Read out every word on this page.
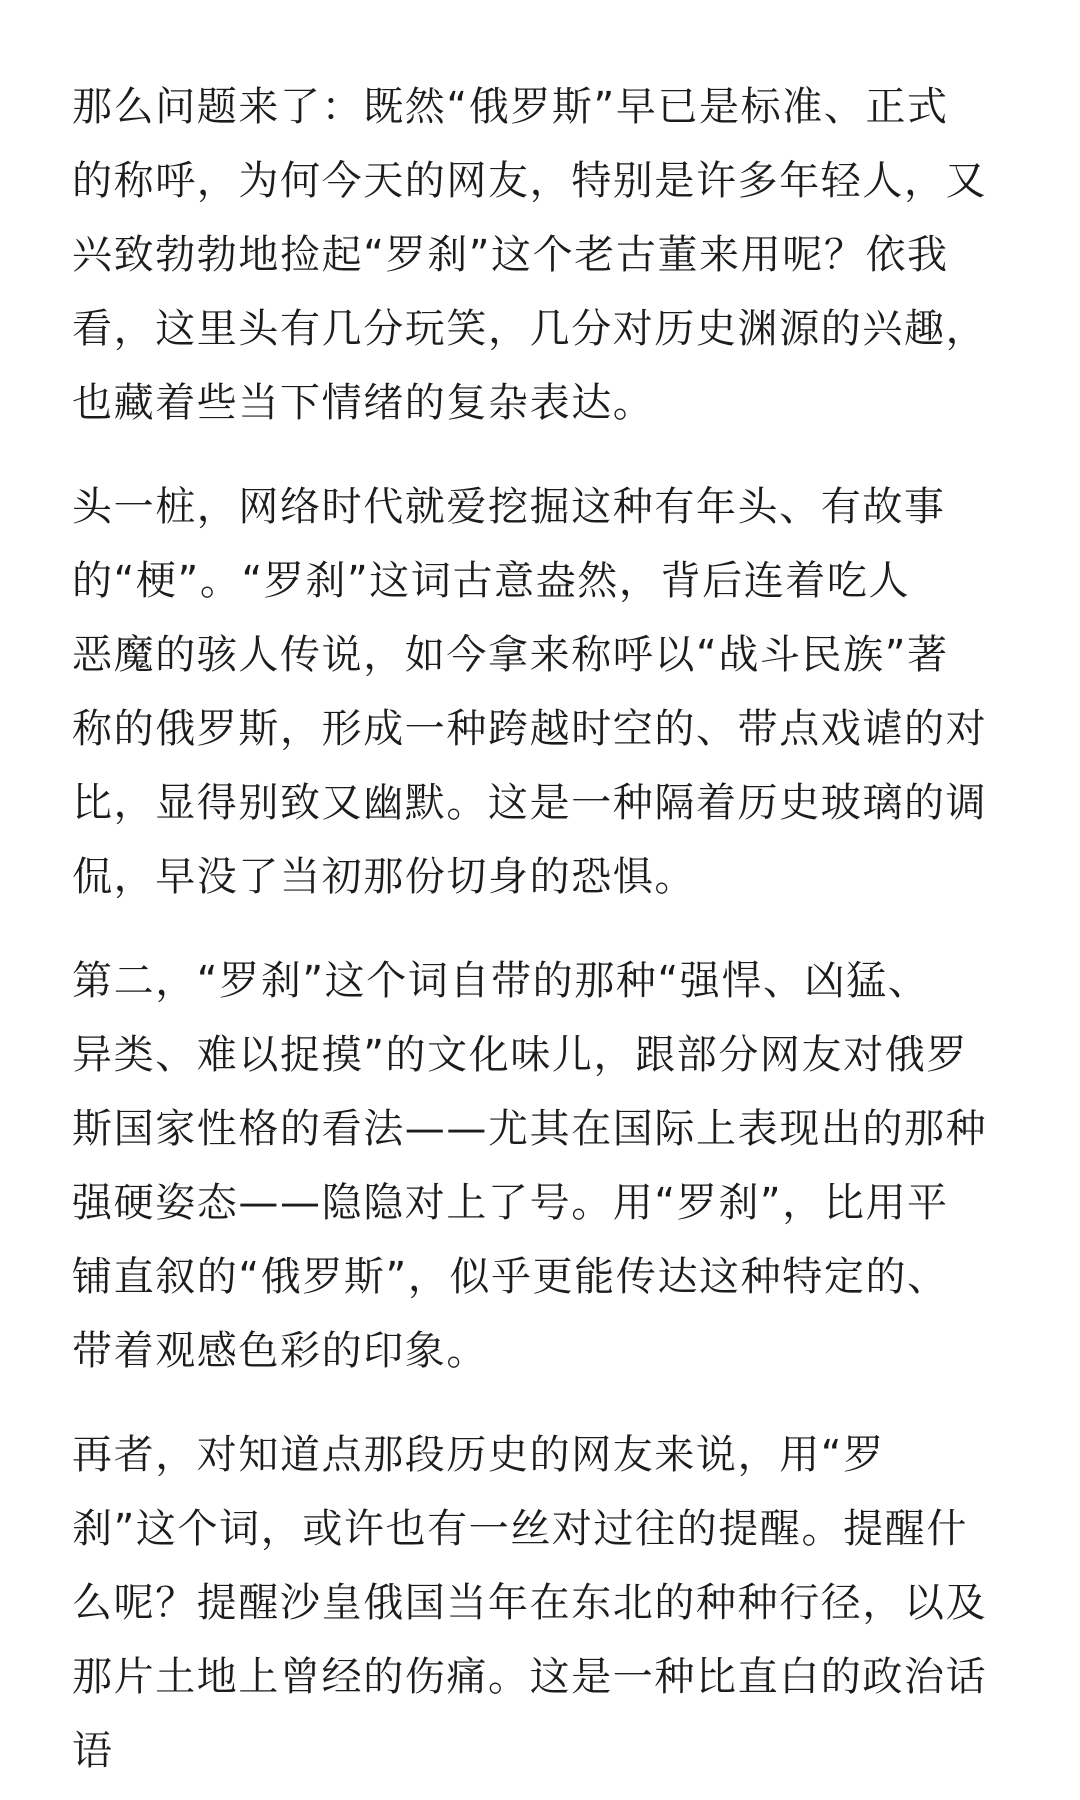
那么问题来了：既然“俄罗斯”早已是标准、正式
的称呼，为何今天的网友，特别是许多年轻人，又
兴致勃勃地捡起“罗刹”这个老古董来用呢？依我
看，这里头有几分玩笑，几分对历史渊源的兴趣，
也藏着些当下情绪的复杂表达。

头一桩，网络时代就爱挖掘这种有年头、有故事
的“梗”。“罗刹”这词古意盎然，背后连着吃人
恶魔的骇人传说，如今拿来称呼以“战斗民族”著
称的俄罗斯，形成一种跨越时空的、带点戏谑的对
比，显得别致又幽默。这是一种隔着历史玻璃的调
侃，早没了当初那份切身的恐惧。

第二，“罗刹”这个词自带的那种“强悍、凶猛、
异类、难以捉摸”的文化味儿，跟部分网友对俄罗
斯国家性格的看法——尤其在国际上表现出的那种
强硬姿态——隐隐对上了号。用“罗刹”，比用平
铺直叙的“俄罗斯”，似乎更能传达这种特定的、
带着观感色彩的印象。

再者，对知道点那段历史的网友来说，用“罗
刹”这个词，或许也有一丝对过往的提醒。提醒什
么呢？提醒沙皇俄国当年在东北的种种行径，以及
那片土地上曾经的伤痛。这是一种比直白的政治话
语
